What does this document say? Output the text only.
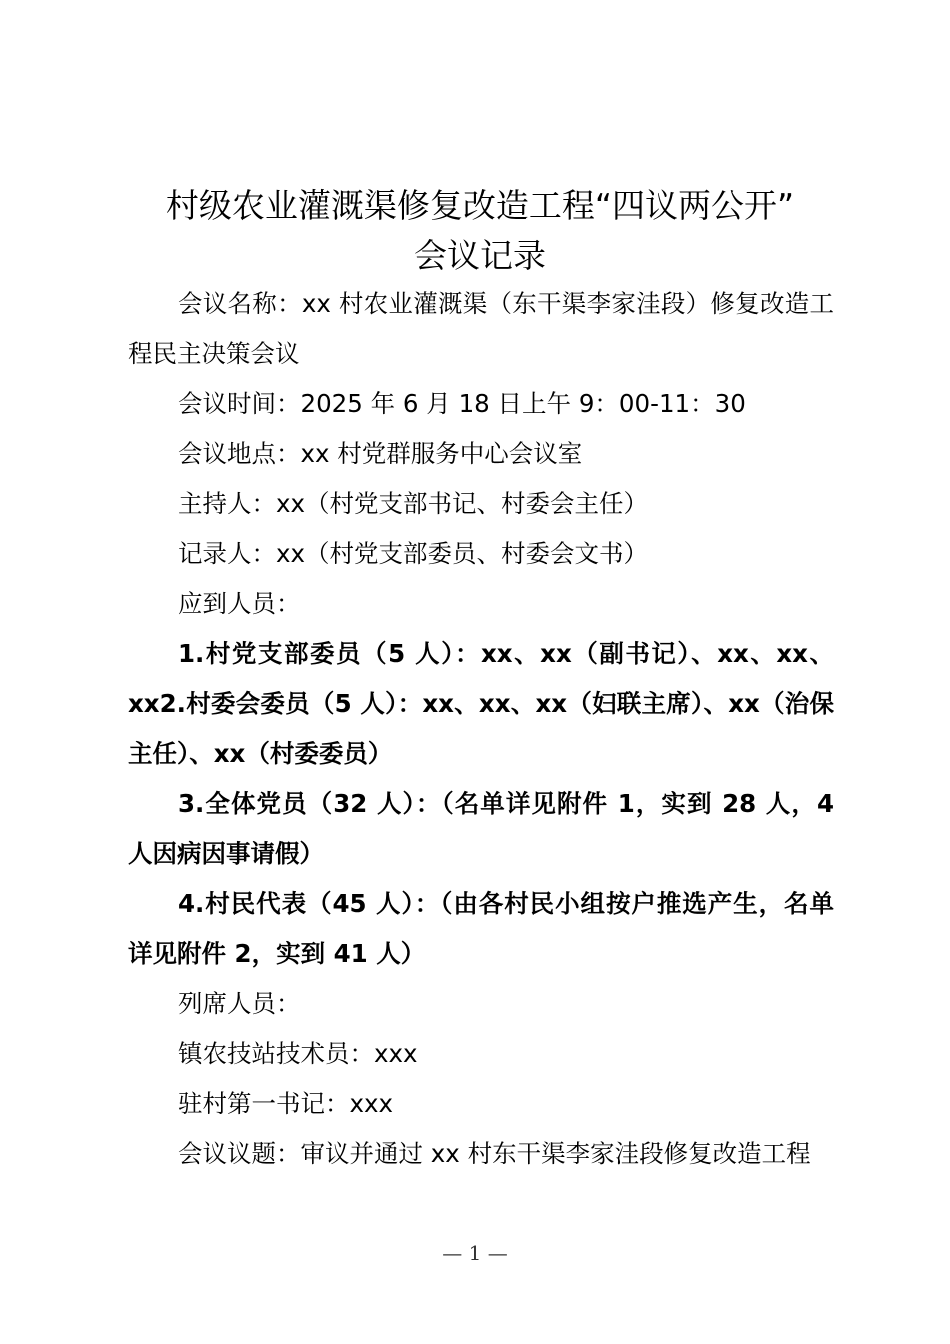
村级农业灌溉渠修复改造工程“四议两公开”
会议记录

会议名称：xx 村农业灌溉渠（东干渠李家洼段）修复改造工程民主决策会议

会议时间：2025 年 6 月 18 日上午 9：00-11：30

会议地点：xx 村党群服务中心会议室

主持人：xx（村党支部书记、村委会主任）

记录人：xx（村党支部委员、村委会文书）

应到人员：

1.村党支部委员（5 人）：xx、xx（副书记）、xx、xx、xx2.村委会委员（5 人）：xx、xx、xx（妇联主席）、xx（治保主任）、xx（村委委员）

3.全体党员（32 人）：（名单详见附件 1，实到 28 人，4 人因病因事请假）

4.村民代表（45 人）：（由各村民小组按户推选产生，名单详见附件 2，实到 41 人）

列席人员：

镇农技站技术员：xxx

驻村第一书记：xxx

会议议题：审议并通过 xx 村东干渠李家洼段修复改造工程

— 1 —
